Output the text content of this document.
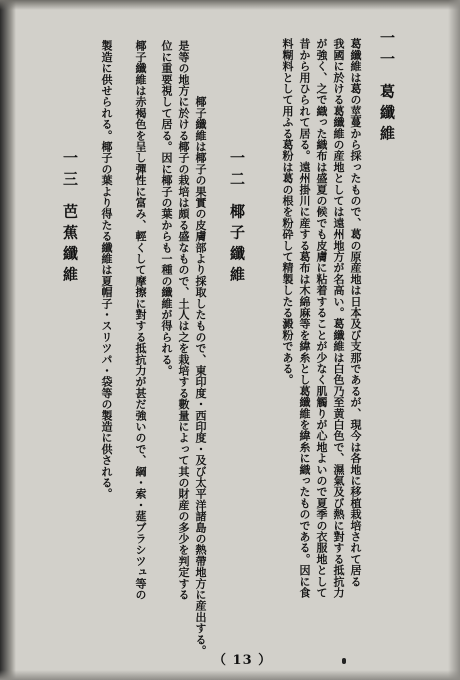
一一 葛纖維
葛纖維は葛の莖蔓から採ったもので、葛の原産地は日本及び支那であるが、現今は各地に移植栽培されて居る
我國に於ける葛纖維の産地としては遠州地方が名高い。葛纖維は白色乃至黄白色で、濕氣及び熱に對する抵抗力
が強く、之で織った織布は盛夏の候でも皮膚に粘着することが少なく肌觸りが心地よいので夏季の衣服地として
昔から用ひられて居る。遠州掛川に産する葛布は木綿麻等を緯糸とし葛纖維を緯糸に織ったものである。因に食
料糊料として用ふる葛粉は葛の根を粉砕して精製したる澱粉である。
一二 椰子纖維
椰子纖維は椰子の果實の皮膚部より採取したもので、東印度・西印度・及び太平洋諸島の熱帶地方に産出する。
是等の地方に於ける椰子の栽培は頗る盛なもので、土人は之を栽培する數量によって其の財産の多少を判定する
位に重要視して居る。因に椰子の葉からも一種の纖維が得られる。
椰子纖維は赤褐色を呈し彈性に富み、輕くして摩擦に對する抵抗力が甚だ強いので、綱・索・莚ブラシツュ等の
製造に供せられる。椰子の葉より得たる纖維は夏帽子・スリツパ・袋等の製造に供される。
一三 芭蕉纖維
（ 13 ）
